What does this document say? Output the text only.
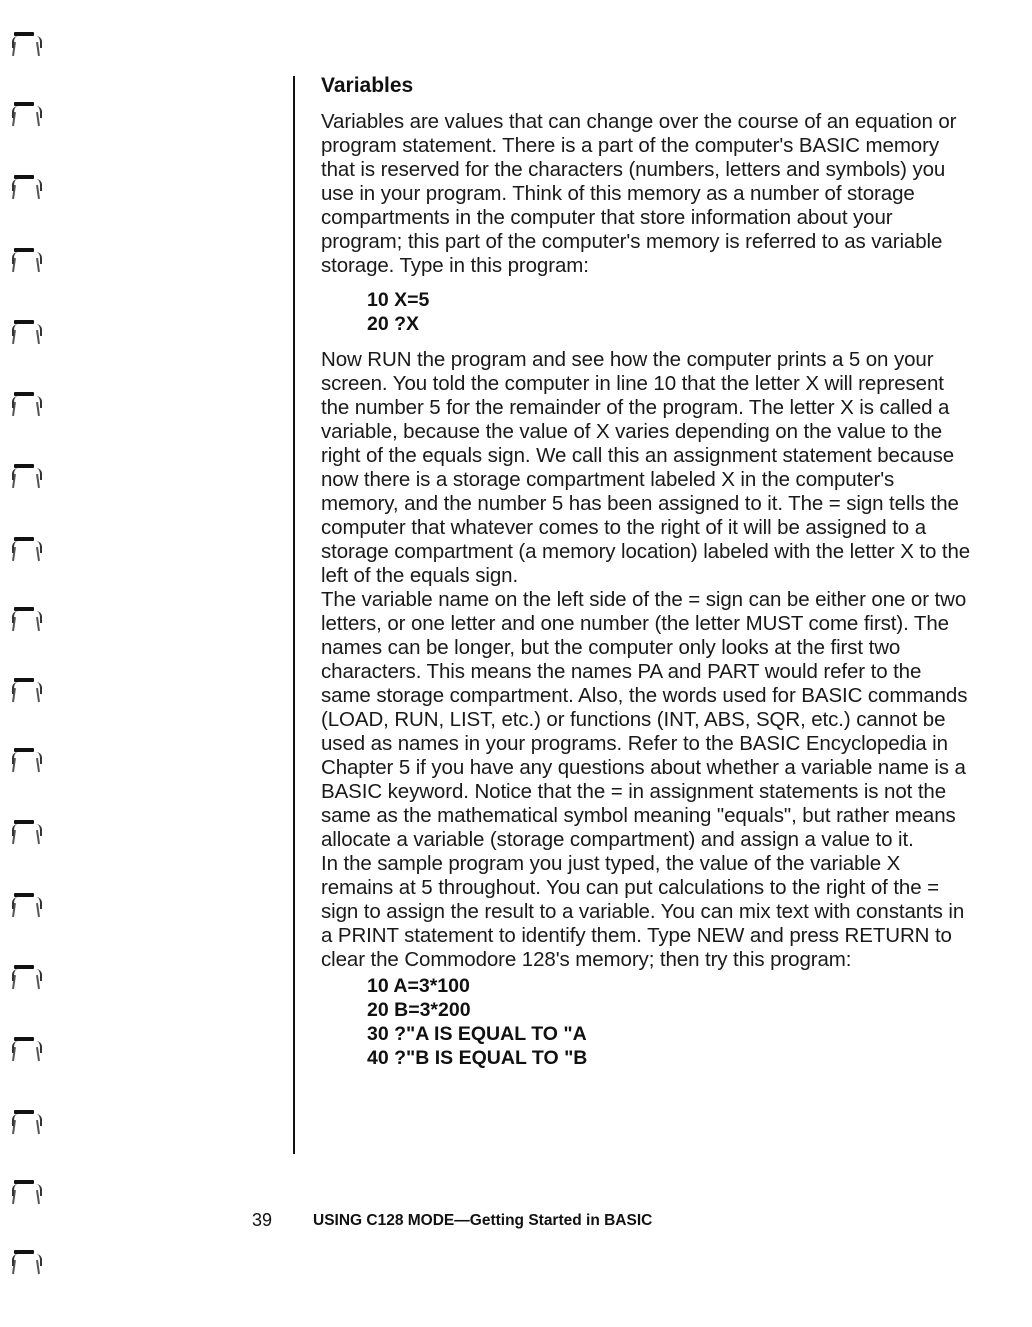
Variables

Variables are values that can change over the course of an equation or program statement. There is a part of the computer's BASIC memory that is reserved for the characters (numbers, letters and symbols) you use in your program. Think of this memory as a number of storage compartments in the computer that store information about your program; this part of the computer's memory is referred to as variable storage. Type in this program:

10 X=5
20 ?X

Now RUN the program and see how the computer prints a 5 on your screen. You told the computer in line 10 that the letter X will represent the number 5 for the remainder of the program. The letter X is called a variable, because the value of X varies depending on the value to the right of the equals sign. We call this an assignment statement because now there is a storage compartment labeled X in the computer's memory, and the number 5 has been assigned to it. The = sign tells the computer that whatever comes to the right of it will be assigned to a storage compartment (a memory location) labeled with the letter X to the left of the equals sign.

The variable name on the left side of the = sign can be either one or two letters, or one letter and one number (the letter MUST come first). The names can be longer, but the computer only looks at the first two characters. This means the names PA and PART would refer to the same storage compartment. Also, the words used for BASIC commands (LOAD, RUN, LIST, etc.) or functions (INT, ABS, SQR, etc.) cannot be used as names in your programs. Refer to the BASIC Encyclopedia in Chapter 5 if you have any questions about whether a variable name is a BASIC keyword. Notice that the = in assignment statements is not the same as the mathematical symbol meaning "equals", but rather means allocate a variable (storage compartment) and assign a value to it.

In the sample program you just typed, the value of the variable X remains at 5 throughout. You can put calculations to the right of the = sign to assign the result to a variable. You can mix text with constants in a PRINT statement to identify them. Type NEW and press RETURN to clear the Commodore 128's memory; then try this program:

10 A=3*100
20 B=3*200
30 ?"A IS EQUAL TO "A
40 ?"B IS EQUAL TO "B
39	USING C128 MODE—Getting Started in BASIC
